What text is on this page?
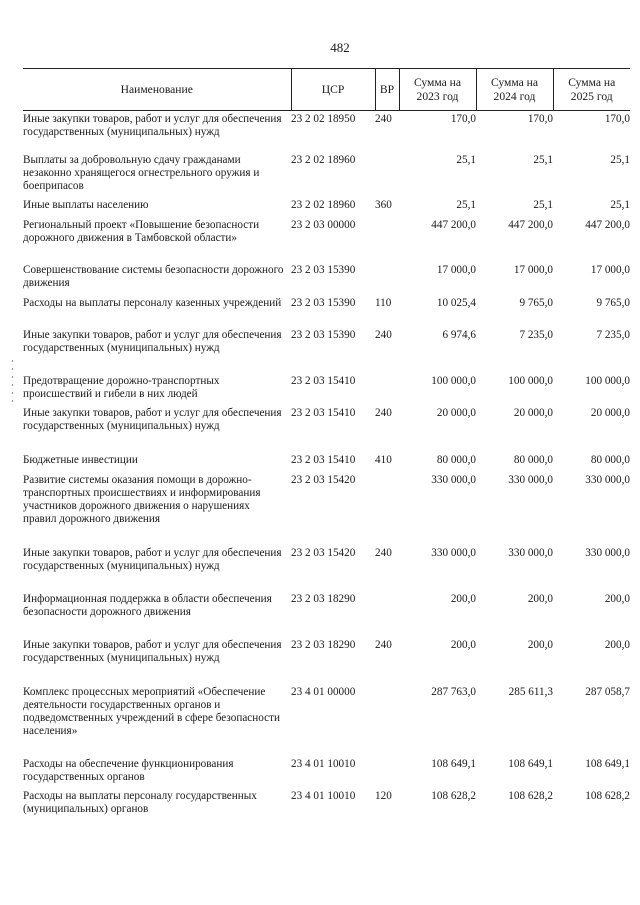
482
Наименование	ЦСР	ВР	Сумма на 2023 год	Сумма на 2024 год	Сумма на 2025 год
Иные закупки товаров, работ и услуг для обеспечения государственных (муниципальных) нужд	23 2 02 18950	240	170,0	170,0	170,0
Выплаты за добровольную сдачу гражданами незаконно хранящегося огнестрельного оружия и боеприпасов	23 2 02 18960		25,1	25,1	25,1
Иные выплаты населению	23 2 02 18960	360	25,1	25,1	25,1
Региональный проект «Повышение безопасности дорожного движения в Тамбовской области»	23 2 03 00000		447 200,0	447 200,0	447 200,0
Совершенствование системы безопасности дорожного движения	23 2 03 15390		17 000,0	17 000,0	17 000,0
Расходы на выплаты персоналу казенных учреждений	23 2 03 15390	110	10 025,4	9 765,0	9 765,0
Иные закупки товаров, работ и услуг для обеспечения государственных (муниципальных) нужд	23 2 03 15390	240	6 974,6	7 235,0	7 235,0
Предотвращение дорожно-транспортных происшествий и гибели в них людей	23 2 03 15410		100 000,0	100 000,0	100 000,0
Иные закупки товаров, работ и услуг для обеспечения государственных (муниципальных) нужд	23 2 03 15410	240	20 000,0	20 000,0	20 000,0
Бюджетные инвестиции	23 2 03 15410	410	80 000,0	80 000,0	80 000,0
Развитие системы оказания помощи в дорожно-транспортных происшествиях и информирования участников дорожного движения о нарушениях правил дорожного движения	23 2 03 15420		330 000,0	330 000,0	330 000,0
Иные закупки товаров, работ и услуг для обеспечения государственных (муниципальных) нужд	23 2 03 15420	240	330 000,0	330 000,0	330 000,0
Информационная поддержка в области обеспечения безопасности дорожного движения	23 2 03 18290		200,0	200,0	200,0
Иные закупки товаров, работ и услуг для обеспечения государственных (муниципальных) нужд	23 2 03 18290	240	200,0	200,0	200,0
Комплекс процессных мероприятий «Обеспечение деятельности государственных органов и подведомственных учреждений в сфере безопасности населения»	23 4 01 00000		287 763,0	285 611,3	287 058,7
Расходы на обеспечение функционирования государственных органов	23 4 01 10010		108 649,1	108 649,1	108 649,1
Расходы на выплаты персоналу государственных (муниципальных) органов	23 4 01 10010	120	108 628,2	108 628,2	108 628,2
